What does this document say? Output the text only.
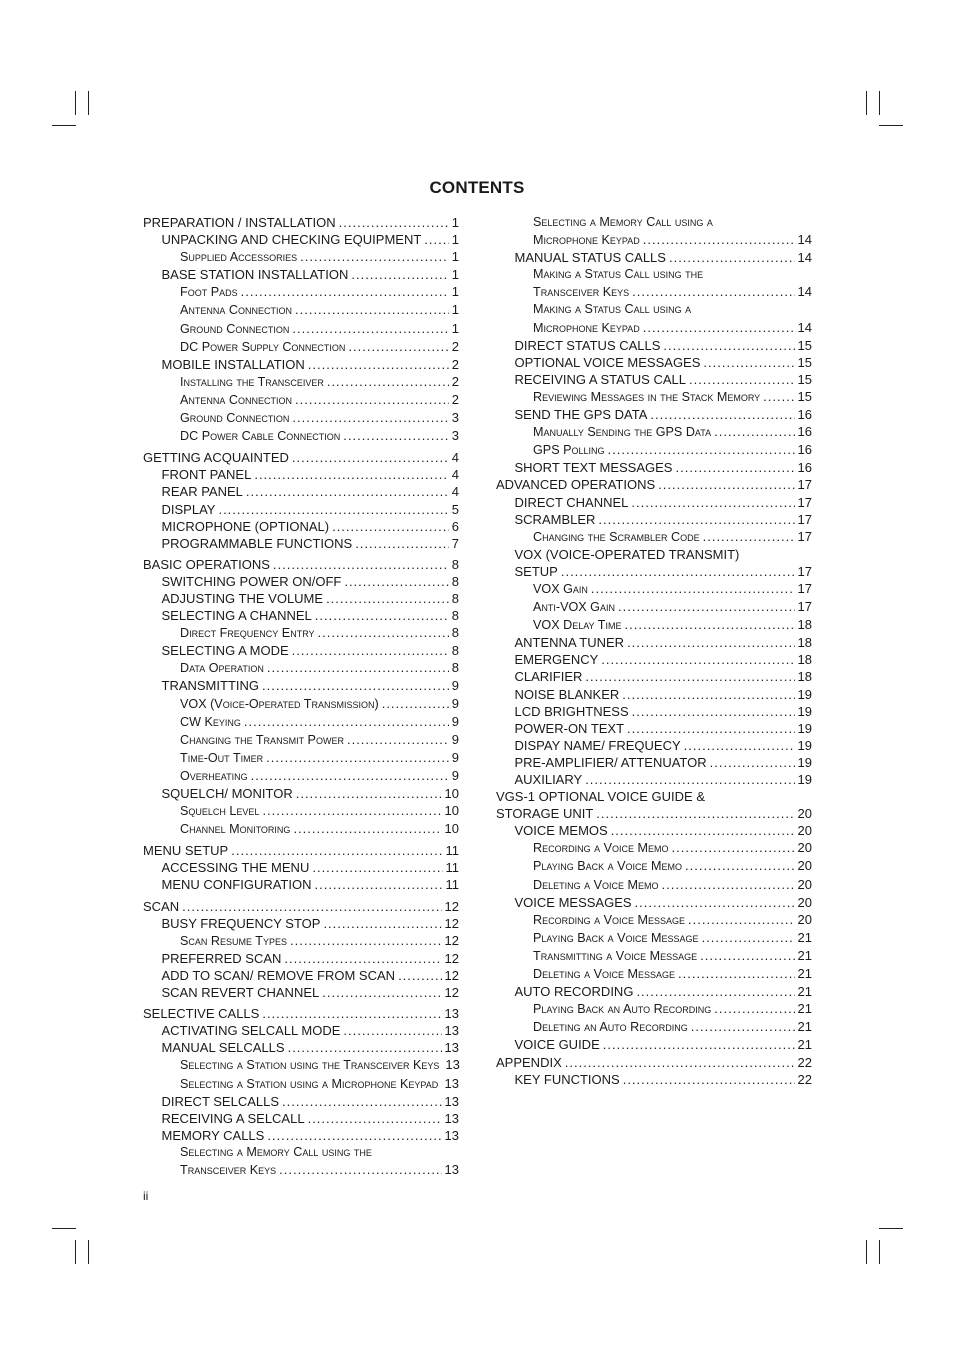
CONTENTS
PREPARATION / INSTALLATION .....	1
UNPACKING AND CHECKING EQUIPMENT ..... 1
Supplied Accessories .....	1
BASE STATION INSTALLATION .....	1
Foot Pads .....	1
Antenna Connection .....	1
Ground Connection .....	1
DC Power Supply Connection .....	2
MOBILE INSTALLATION .....	2
Installing the Transceiver .....	2
Antenna Connection .....	2
Ground Connection .....	3
DC Power Cable Connection .....	3
GETTING ACQUAINTED .....	4
FRONT PANEL .....	4
REAR PANEL .....	4
DISPLAY .....	5
MICROPHONE (OPTIONAL) .....	6
PROGRAMMABLE FUNCTIONS .....	7
BASIC OPERATIONS .....	8
SWITCHING POWER ON/OFF .....	8
ADJUSTING THE VOLUME .....	8
SELECTING A CHANNEL .....	8
Direct Frequency Entry .....	8
SELECTING A MODE .....	8
Data Operation .....	8
TRANSMITTING .....	9
VOX (Voice-Operated Transmission) .....	9
CW Keying .....	9
Changing the Transmit Power .....	9
Time-Out Timer .....	9
Overheating .....	9
SQUELCH/ MONITOR .....	10
Squelch Level .....	10
Channel Monitoring .....	10
MENU SETUP .....	11
ACCESSING THE MENU .....	11
MENU CONFIGURATION .....	11
SCAN .....	12
BUSY FREQUENCY STOP .....	12
Scan Resume Types .....	12
PREFERRED SCAN .....	12
ADD TO SCAN/ REMOVE FROM SCAN .....	12
SCAN REVERT CHANNEL .....	12
SELECTIVE CALLS .....	13
ACTIVATING SELCALL MODE .....	13
MANUAL SELCALLS .....	13
Selecting a Station using the Transceiver Keys 13
Selecting a Station using a Microphone Keypad ..... 13
DIRECT SELCALLS .....	13
RECEIVING A SELCALL .....	13
MEMORY CALLS .....	13
Selecting a Memory Call using the
Transceiver Keys .....	13
Selecting a Memory Call using a
Microphone Keypad .....	14
MANUAL STATUS CALLS .....	14
Making a Status Call using the
Transceiver Keys .....	14
Making a Status Call using a
Microphone Keypad .....	14
DIRECT STATUS CALLS .....	15
OPTIONAL VOICE MESSAGES .....	15
RECEIVING A STATUS CALL .....	15
Reviewing Messages in the Stack Memory .....	15
SEND THE GPS DATA .....	16
Manually Sending the GPS Data .....	16
GPS Polling .....	16
SHORT TEXT MESSAGES .....	16
ADVANCED OPERATIONS .....	17
DIRECT CHANNEL .....	17
SCRAMBLER .....	17
Changing the Scrambler Code .....	17
VOX (VOICE-OPERATED TRANSMIT)
SETUP .....	17
VOX Gain .....	17
Anti-VOX Gain .....	17
VOX Delay Time .....	18
ANTENNA TUNER .....	18
EMERGENCY .....	18
CLARIFIER .....	18
NOISE BLANKER .....	19
LCD BRIGHTNESS .....	19
POWER-ON TEXT .....	19
DISPAY NAME/ FREQUECY .....	19
PRE-AMPLIFIER/ ATTENUATOR .....	19
AUXILIARY .....	19
VGS-1 OPTIONAL VOICE GUIDE &
STORAGE UNIT .....	20
VOICE MEMOS .....	20
Recording a Voice Memo .....	20
Playing Back a Voice Memo .....	20
Deleting a Voice Memo .....	20
VOICE MESSAGES .....	20
Recording a Voice Message .....	20
Playing Back a Voice Message .....	21
Transmitting a Voice Message .....	21
Deleting a Voice Message .....	21
AUTO RECORDING .....	21
Playing Back an Auto Recording .....	21
Deleting an Auto Recording .....	21
VOICE GUIDE .....	21
APPENDIX .....	22
KEY FUNCTIONS .....	22
ii
